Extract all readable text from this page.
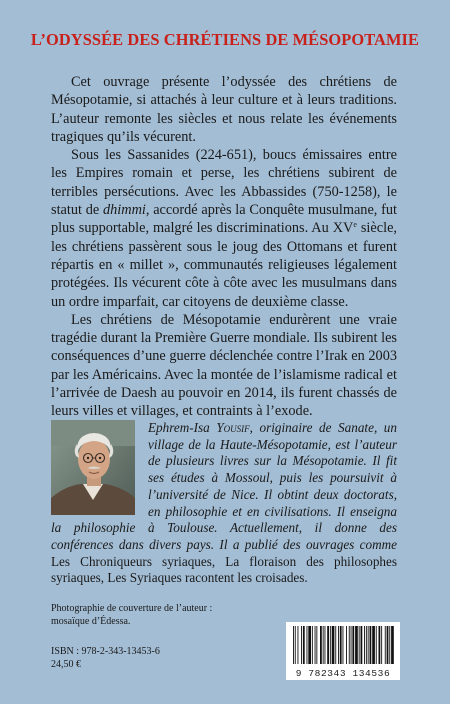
L’ODYSSÉE DES CHRÉTIENS DE MÉSOPOTAMIE

Cet ouvrage présente l’odyssée des chrétiens de Mésopotamie, si attachés à leur culture et à leurs traditions. L’auteur remonte les siècles et nous relate les événements tragiques qu’ils vécurent.

Sous les Sassanides (224-651), boucs émissaires entre les Empires romain et perse, les chrétiens subirent de terribles persécutions. Avec les Abbassides (750-1258), le statut de dhimmi, accordé après la Conquête musulmane, fut plus supportable, malgré les discriminations. Au XVe siècle, les chrétiens passèrent sous le joug des Ottomans et furent répartis en « millet », communautés religieuses légalement protégées. Ils vécurent côte à côte avec les musulmans dans un ordre imparfait, car citoyens de deuxième classe.

Les chrétiens de Mésopotamie endurèrent une vraie tragédie durant la Première Guerre mondiale. Ils subirent les conséquences d’une guerre déclenchée contre l’Irak en 2003 par les Américains. Avec la montée de l’islamisme radical et l’arrivée de Daesh au pouvoir en 2014, ils furent chassés de leurs villes et villages, et contraints à l’exode.

Ephrem-Isa Yousif, originaire de Sanate, un village de la Haute-Mésopotamie, est l’auteur de plusieurs livres sur la Mésopotamie. Il fit ses études à Mossoul, puis les poursuivit à l’université de Nice. Il obtint deux doctorats, en philosophie et en civilisations. Il enseigna la philosophie à Toulouse. Actuellement, il donne des conférences dans divers pays. Il a publié des ouvrages comme Les Chroniqueurs syriaques, La floraison des philosophes syriaques, Les Syriaques racontent les croisades.
Photographie de couverture de l’auteur :
mosaïque d’Édessa.
ISBN : 978-2-343-13453-6
24,50 €
9 782343 134536
